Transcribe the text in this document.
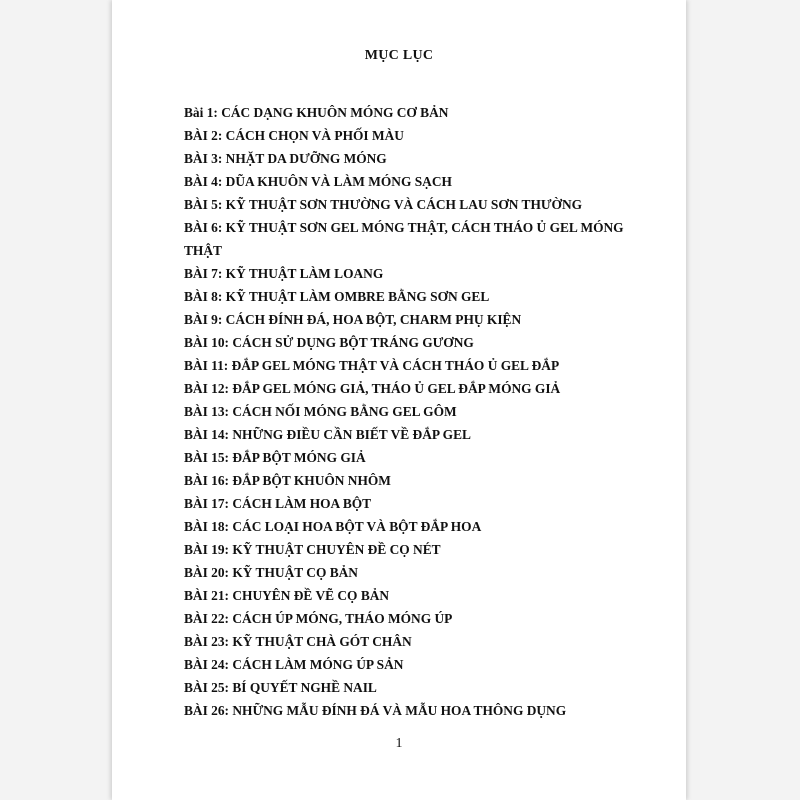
MỤC LỤC
Bài 1: CÁC DẠNG KHUÔN MÓNG CƠ BẢN
BÀI 2: CÁCH CHỌN VÀ PHỐI MÀU
BÀI 3: NHẶT DA DƯỠNG MÓNG
BÀI 4: DŨA KHUÔN VÀ LÀM MÓNG SẠCH
BÀI 5: KỸ THUẬT SƠN THƯỜNG VÀ CÁCH LAU SƠN THƯỜNG
BÀI 6: KỸ THUẬT SƠN GEL MÓNG THẬT, CÁCH THÁO Ủ GEL MÓNG THẬT
BÀI 7: KỸ THUẬT LÀM LOANG
BÀI 8: KỸ THUẬT LÀM OMBRE BẰNG SƠN GEL
BÀI 9: CÁCH ĐÍNH ĐÁ, HOA BỘT, CHARM PHỤ KIỆN
BÀI 10: CÁCH SỬ DỤNG BỘT TRÁNG GƯƠNG
BÀI 11: ĐẮP GEL MÓNG THẬT VÀ CÁCH THÁO Ủ GEL ĐẮP
BÀI 12: ĐẮP GEL MÓNG GIẢ, THÁO Ủ GEL ĐẮP MÓNG GIẢ
BÀI 13: CÁCH NỐI MÓNG BẰNG GEL GÔM
BÀI 14: NHỮNG ĐIỀU CẦN BIẾT VỀ ĐẮP GEL
BÀI 15: ĐẮP BỘT MÓNG GIẢ
BÀI 16: ĐẮP BỘT KHUÔN NHÔM
BÀI 17: CÁCH LÀM HOA BỘT
BÀI 18: CÁC LOẠI HOA BỘT VÀ BỘT ĐẮP HOA
BÀI 19: KỸ THUẬT CHUYÊN ĐỀ CỌ NÉT
BÀI 20: KỸ THUẬT CỌ BẢN
BÀI 21: CHUYÊN ĐỀ VẼ CỌ BẢN
BÀI 22: CÁCH ÚP MÓNG, THÁO MÓNG ÚP
BÀI 23: KỸ THUẬT CHÀ GÓT CHÂN
BÀI 24: CÁCH LÀM MÓNG ÚP SẢN
BÀI 25: BÍ QUYẾT NGHỀ NAIL
BÀI 26: NHỮNG MẪU ĐÍNH ĐÁ VÀ MẪU HOA THÔNG DỤNG
1
